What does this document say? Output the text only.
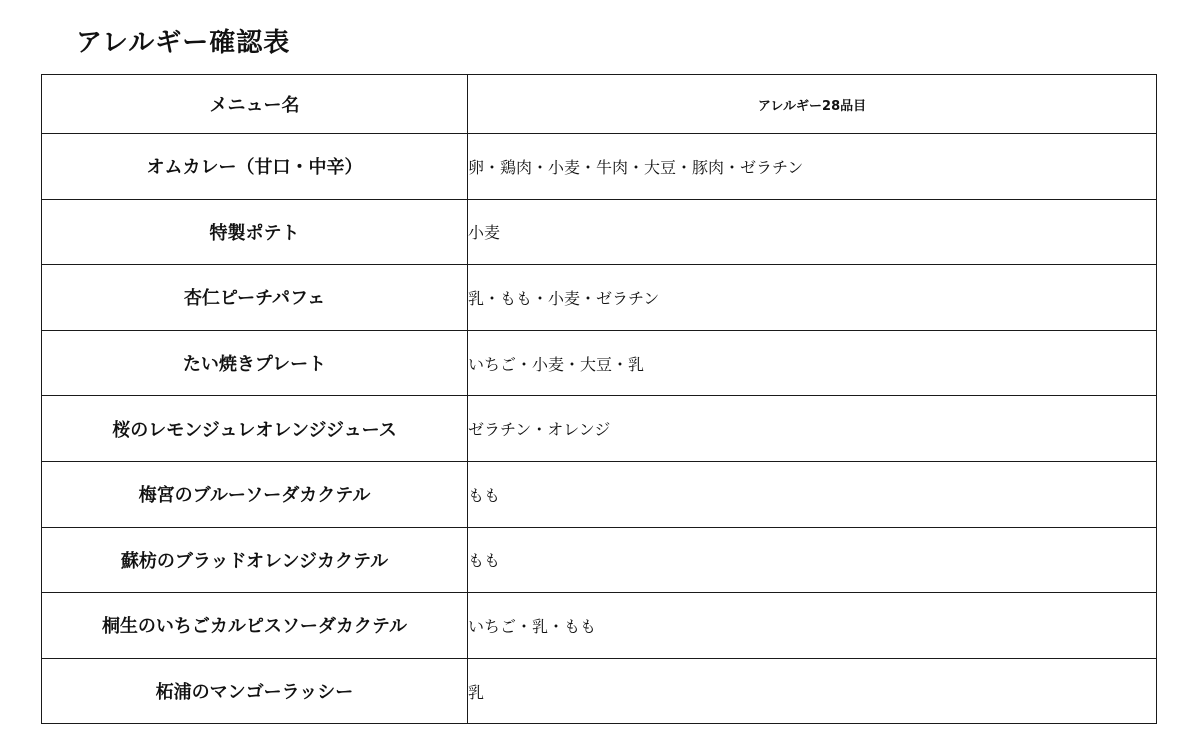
アレルギー確認表
メニュー名	アレルギー28品目
オムカレー（甘口・中辛）	卵・鶏肉・小麦・牛肉・大豆・豚肉・ゼラチン
特製ポテト	小麦
杏仁ピーチパフェ	乳・もも・小麦・ゼラチン
たい焼きプレート	いちご・小麦・大豆・乳
桜のレモンジュレオレンジジュース	ゼラチン・オレンジ
梅宮のブルーソーダカクテル	もも
蘇枋のブラッドオレンジカクテル	もも
桐生のいちごカルピスソーダカクテル	いちご・乳・もも
柘浦のマンゴーラッシー	乳
